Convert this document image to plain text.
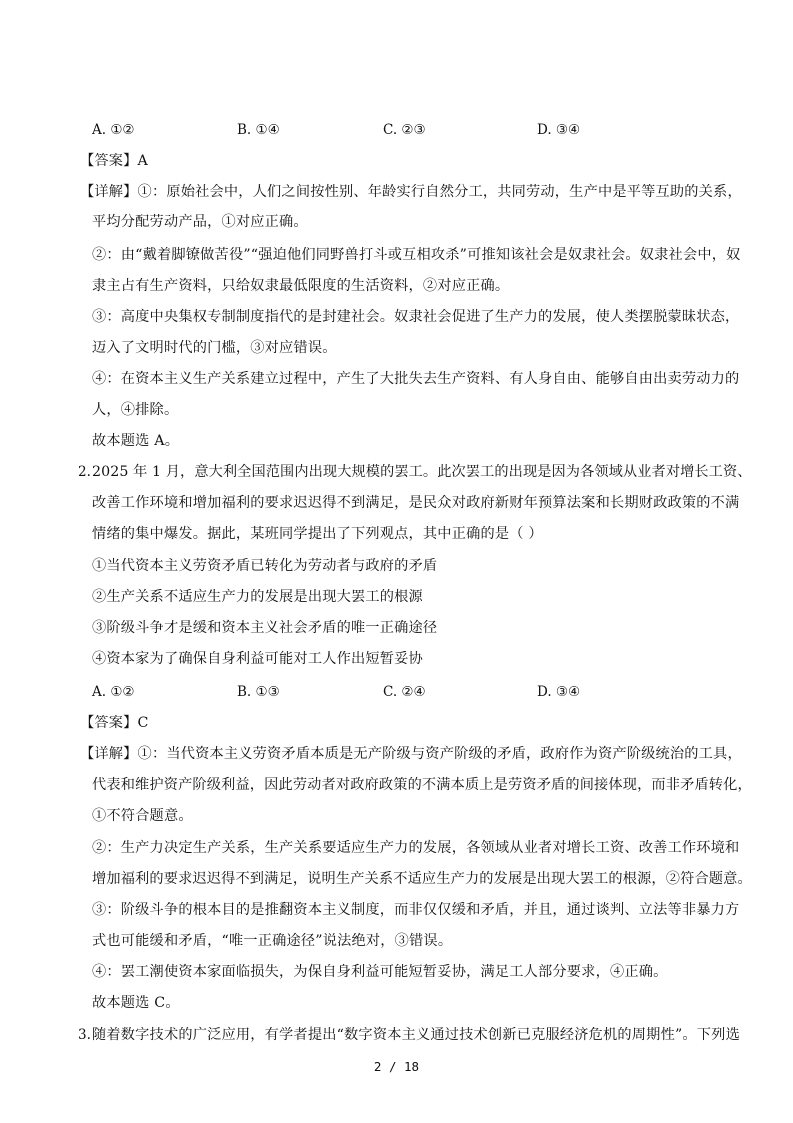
A. ①②	B. ①④	C. ②③	D. ③④
【答案】A
【详解】①：原始社会中，人们之间按性别、年龄实行自然分工，共同劳动，生产中是平等互助的关系，
平均分配劳动产品，①对应正确。
②：由“戴着脚镣做苦役”“强迫他们同野兽打斗或互相攻杀”可推知该社会是奴隶社会。奴隶社会中，奴
隶主占有生产资料，只给奴隶最低限度的生活资料，②对应正确。
③：高度中央集权专制制度指代的是封建社会。奴隶社会促进了生产力的发展，使人类摆脱蒙昧状态，
迈入了文明时代的门槛，③对应错误。
④：在资本主义生产关系建立过程中，产生了大批失去生产资料、有人身自由、能够自由出卖劳动力的
人，④排除。
故本题选 A。
2. 2025 年 1 月，意大利全国范围内出现大规模的罢工。此次罢工的出现是因为各领域从业者对增长工资、
改善工作环境和增加福利的要求迟迟得不到满足，是民众对政府新财年预算法案和长期财政政策的不满
情绪的集中爆发。据此，某班同学提出了下列观点，其中正确的是（ ）
①当代资本主义劳资矛盾已转化为劳动者与政府的矛盾
②生产关系不适应生产力的发展是出现大罢工的根源
③阶级斗争才是缓和资本主义社会矛盾的唯一正确途径
④资本家为了确保自身利益可能对工人作出短暂妥协
A. ①②	B. ①③	C. ②④	D. ③④
【答案】C
【详解】①：当代资本主义劳资矛盾本质是无产阶级与资产阶级的矛盾，政府作为资产阶级统治的工具，
代表和维护资产阶级利益，因此劳动者对政府政策的不满本质上是劳资矛盾的间接体现，而非矛盾转化，
①不符合题意。
②：生产力决定生产关系，生产关系要适应生产力的发展，各领域从业者对增长工资、改善工作环境和
增加福利的要求迟迟得不到满足，说明生产关系不适应生产力的发展是出现大罢工的根源，②符合题意。
③：阶级斗争的根本目的是推翻资本主义制度，而非仅仅缓和矛盾，并且，通过谈判、立法等非暴力方
式也可能缓和矛盾，“唯一正确途径”说法绝对，③错误。
④：罢工潮使资本家面临损失，为保自身利益可能短暂妥协，满足工人部分要求，④正确。
故本题选 C。
3. 随着数字技术的广泛应用，有学者提出“数字资本主义通过技术创新已克服经济危机的周期性”。下列选
2 / 18
